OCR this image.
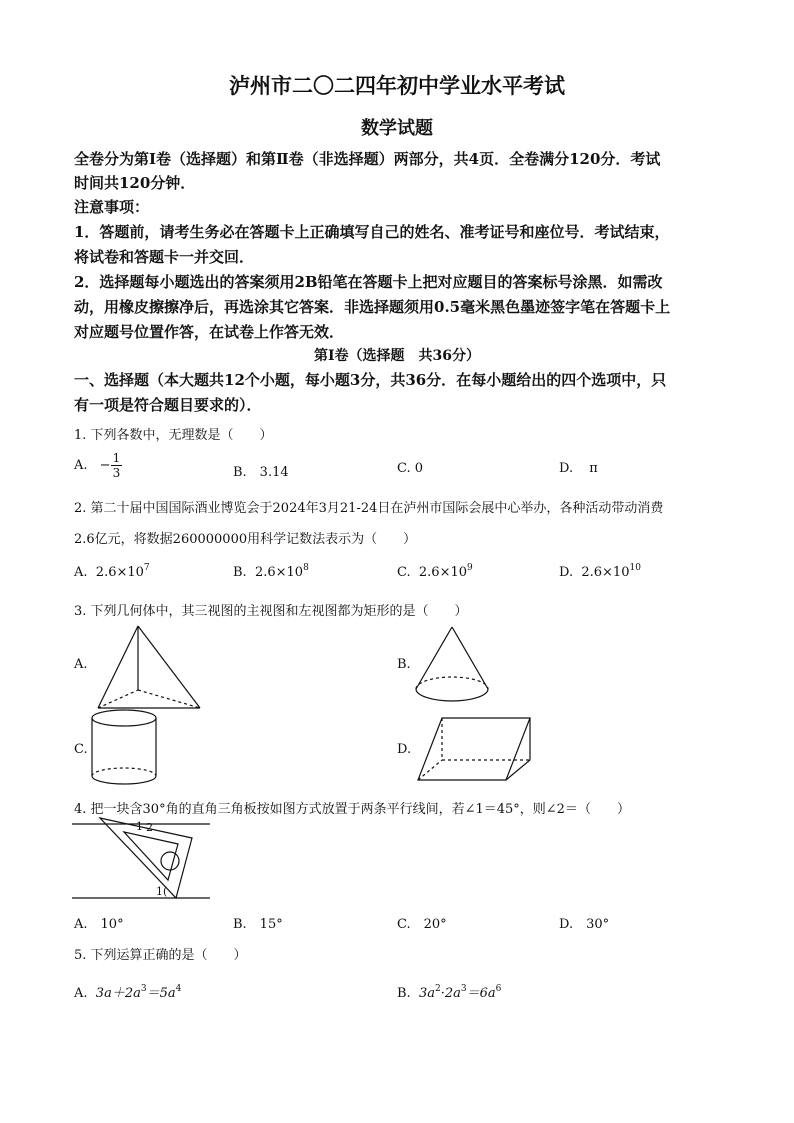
泸州市二〇二四年初中学业水平考试
数学试题
全卷分为第Ⅰ卷（选择题）和第Ⅱ卷（非选择题）两部分，共4页．全卷满分120分．考试
时间共120分钟．
注意事项：
1．答题前，请考生务必在答题卡上正确填写自己的姓名、准考证号和座位号．考试结束，
将试卷和答题卡一并交回．
2．选择题每小题选出的答案须用2B铅笔在答题卡上把对应题目的答案标号涂黑．如需改
动，用橡皮擦擦净后，再选涂其它答案．非选择题须用0.5毫米黑色墨迹签字笔在答题卡上
对应题号位置作答，在试卷上作答无效．
第Ⅰ卷（选择题　共36分）
一、选择题（本大题共12个小题，每小题3分，共36分．在每小题给出的四个选项中，只
有一项是符合题目要求的）．
1. 下列各数中，无理数是（　　）
A. − $\frac{1}{3}$	B.　3.14	C. 0	D. π
2. 第二十届中国国际酒业博览会于2024年3月21-24日在泸州市国际会展中心举办，各种活动带动消费
2.6亿元，将数据260000000用科学记数法表示为（　　）
A. $2.6\times 10^7$	B. $2.6\times 10^8$	C. $2.6\times 10^9$	D. $2.6\times 10^{10}$
3. 下列几何体中，其三视图的主视图和左视图都为矩形的是（　　）
A.	B.
C.	D.
4. 把一块含30°角的直角三角板按如图方式放置于两条平行线间，若∠1＝45°，则∠2＝（　　）
1 2
1(
A.　10°	B.　15°	C.　20°	D.　30°
5. 下列运算正确的是（　　）
A. $3a+2a^3=5a^4$	B. $3a^2\cdot 2a^3=6a^6$
